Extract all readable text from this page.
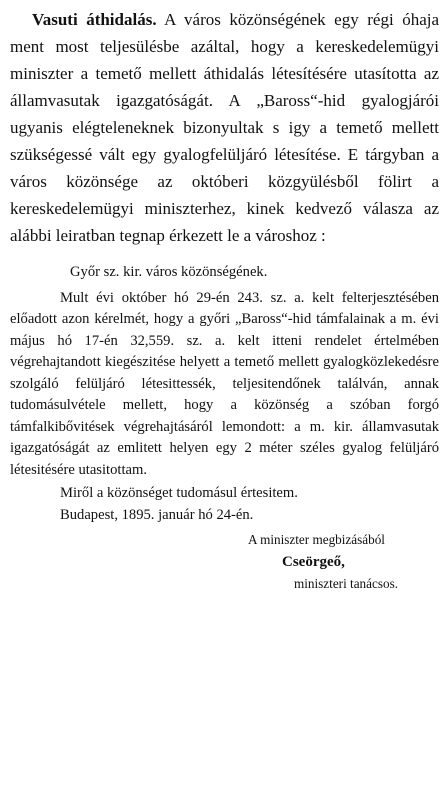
Vasuti áthidalás. A város közönségének egy régi óhaja ment most teljesülésbe azáltal, hogy a kereskedelemügyi miniszter a temető mellett áthidalás létesítésére utasította az államvasutak igazgatóságát. A „Baross“-hid gyalogjárói ugyanis elégteleneknek bizonyultak s igy a temető mellett szükségessé vált egy gyalogfelüljáró létesítése. E tárgyban a város közönsége az októberi közgyülésből fölirt a kereskedelemügyi miniszterhez, kinek kedvező válasza az alábbi leiratban tegnap érkezett le a városhoz :

Győr sz. kir. város közönségének.

Mult évi október hó 29-én 243. sz. a. kelt felterjesztésében előadott azon kérelmét, hogy a győri „Baross“-hid támfalainak a m. évi május hó 17-én 32,559. sz. a. kelt itteni rendelet értelmében végrehajtandott kiegészitése helyett a temető mellett gyalogközlekedésre szolgáló felüljáró létesittessék, teljesitendőnek találván, annak tudomásulvétele mellett, hogy a közönség a szóban forgó támfalkibővitések végrehajtásáról lemondott: a m. kir. államvasutak igazgatóságát az emlitett helyen egy 2 méter széles gyalog felüljáró létesitésére utasitottam.

Miről a közönséget tudomásul értesitem.
Budapest, 1895. január hó 24-én.
A miniszter megbizásából
Cseörgeő,
miniszteri tanácsos.
